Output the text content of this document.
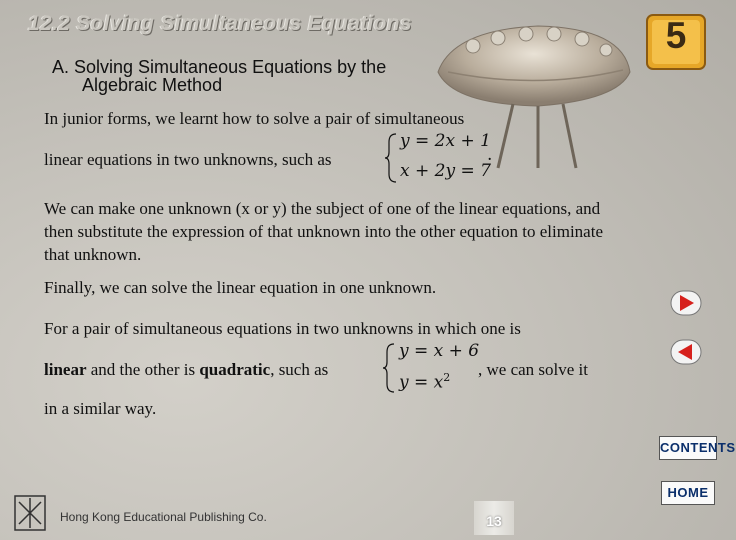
12.2 Solving Simultaneous Equations
A. Solving Simultaneous Equations by the
Algebraic Method
5
In junior forms, we learnt how to solve a pair of simultaneous
linear equations in two unknowns, such as
y = 2x + 1
x + 2y = 7
.
We can make one unknown (x or y) the subject of one of the linear equations, and then substitute the expression of that unknown into the other equation to eliminate that unknown.
Finally, we can solve the linear equation in one unknown.
For a pair of simultaneous equations in two unknowns in which one is
linear and the other is quadratic, such as
y = x + 6
$y = x^2$ , we can solve it
in a similar way.
CONTENTS
HOME
Hong Kong Educational Publishing Co.	13
